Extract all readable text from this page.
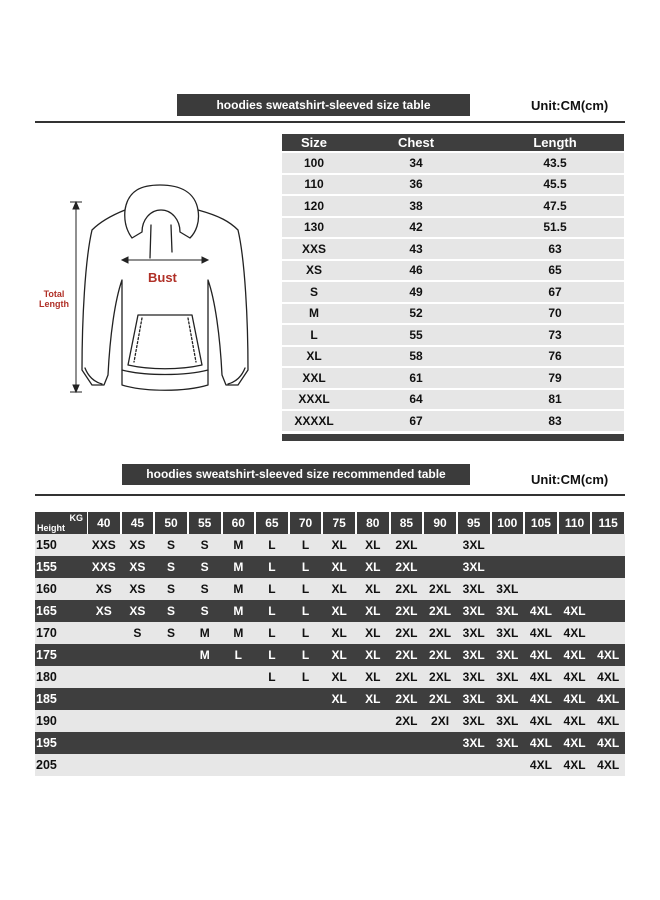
hoodies sweatshirt-sleeved size table	Unit:CM(cm)
Bust
Total
Length
Size	Chest	Length
100	34	43.5
110	36	45.5
120	38	47.5
130	42	51.5
XXS	43	63
XS	46	65
S	49	67
M	52	70
L	55	73
XL	58	76
XXL	61	79
XXXL	64	81
XXXXL	67	83
hoodies sweatshirt-sleeved size recommended table	Unit:CM(cm)
KG
Height	40	45	50	55	60	65	70	75	80	85	90	95	100	105	110	115

150	XXS	XS	S	S	M	L	L	XL	XL	2XL		3XL				
155	XXS	XS	S	S	M	L	L	XL	XL	2XL		3XL				
160	XS	XS	S	S	M	L	L	XL	XL	2XL	2XL	3XL	3XL			
165	XS	XS	S	S	M	L	L	XL	XL	2XL	2XL	3XL	3XL	4XL	4XL	
170		S	S	M	M	L	L	XL	XL	2XL	2XL	3XL	3XL	4XL	4XL	
175				M	L	L	L	XL	XL	2XL	2XL	3XL	3XL	4XL	4XL	4XL
180						L	L	XL	XL	2XL	2XL	3XL	3XL	4XL	4XL	4XL
185								XL	XL	2XL	2XL	3XL	3XL	4XL	4XL	4XL
190										2XL	2XI	3XL	3XL	4XL	4XL	4XL
195												3XL	3XL	4XL	4XL	4XL
205														4XL	4XL	4XL
